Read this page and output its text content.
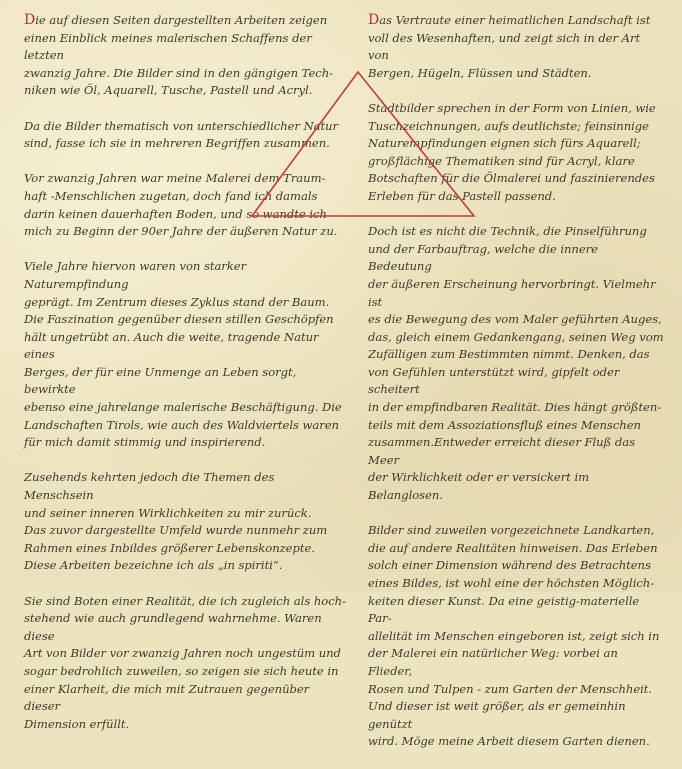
Die auf diesen Seiten dargestellten Arbeiten zeigen
einen Einblick meines malerischen Schaffens der letzten
zwanzig Jahre. Die Bilder sind in den gängigen Tech-
niken wie Öl, Aquarell, Tusche, Pastell und Acryl.

Da die Bilder thematisch von unterschiedlicher Natur
sind, fasse ich sie in mehreren Begriffen zusammen.

Vor zwanzig Jahren war meine Malerei dem Traum-
haft -Menschlichen zugetan, doch fand ich damals
darin keinen dauerhaften Boden, und so wandte ich
mich zu Beginn der 90er Jahre der äußeren Natur zu.

Viele Jahre hiervon waren von starker Naturempfindung
geprägt. Im Zentrum dieses Zyklus stand der Baum.
Die Faszination gegenüber diesen stillen Geschöpfen
hält ungetrübt an. Auch die weite, tragende Natur eines
Berges, der für eine Unmenge an Leben sorgt, bewirkte
ebenso eine jahrelange malerische Beschäftigung. Die
Landschaften Tirols, wie auch des Waldviertels waren
für mich damit stimmig und inspirierend.

Zusehends kehrten jedoch die Themen des Menschsein
und seiner inneren Wirklichkeiten zu mir zurück.
Das zuvor dargestellte Umfeld wurde nunmehr zum
Rahmen eines Inbildes größerer Lebenskonzepte.
Diese Arbeiten bezeichne ich als „in spiriti“.

Sie sind Boten einer Realität, die ich zugleich als hoch-
stehend wie auch grundlegend wahrnehme. Waren diese
Art von Bilder vor zwanzig Jahren noch ungestüm und
sogar bedrohlich zuweilen, so zeigen sie sich heute in
einer Klarheit, die mich mit Zutrauen gegenüber dieser
Dimension erfüllt.

Das Vertraute einer heimatlichen Landschaft ist
voll des Wesenhaften, und zeigt sich in der Art von
Bergen, Hügeln, Flüssen und Städten.

Stadtbilder sprechen in der Form von Linien, wie
Tuschzeichnungen, aufs deutlichste; feinsinnige
Naturempfindungen eignen sich fürs Aquarell;
großflächige Thematiken sind für Acryl, klare
Botschaften für die Ölmalerei und faszinierendes
Erleben für das Pastell passend.

Doch ist es nicht die Technik, die Pinselführung
und der Farbauftrag, welche die innere Bedeutung
der äußeren Erscheinung hervorbringt. Vielmehr ist
es die Bewegung des vom Maler geführten Auges,
das, gleich einem Gedankengang, seinen Weg vom
Zufälligen zum Bestimmten nimmt. Denken, das
von Gefühlen unterstützt wird, gipfelt oder scheitert
in der empfindbaren Realität. Dies hängt größten-
teils mit dem Assoziationsfluß eines Menschen
zusammen.Entweder erreicht dieser Fluß das Meer
der Wirklichkeit oder er versickert im Belanglosen.

Bilder sind zuweilen vorgezeichnete Landkarten,
die auf andere Realitäten hinweisen. Das Erleben
solch einer Dimension während des Betrachtens
eines Bildes, ist wohl eine der höchsten Möglich-
keiten dieser Kunst. Da eine geistig-materielle Par-
allelität im Menschen eingeboren ist, zeigt sich in
der Malerei ein natürlicher Weg: vorbei an Flieder,
Rosen und Tulpen - zum Garten der Menschheit.
Und dieser ist weit größer, als er gemeinhin genützt
wird. Möge meine Arbeit diesem Garten dienen.
